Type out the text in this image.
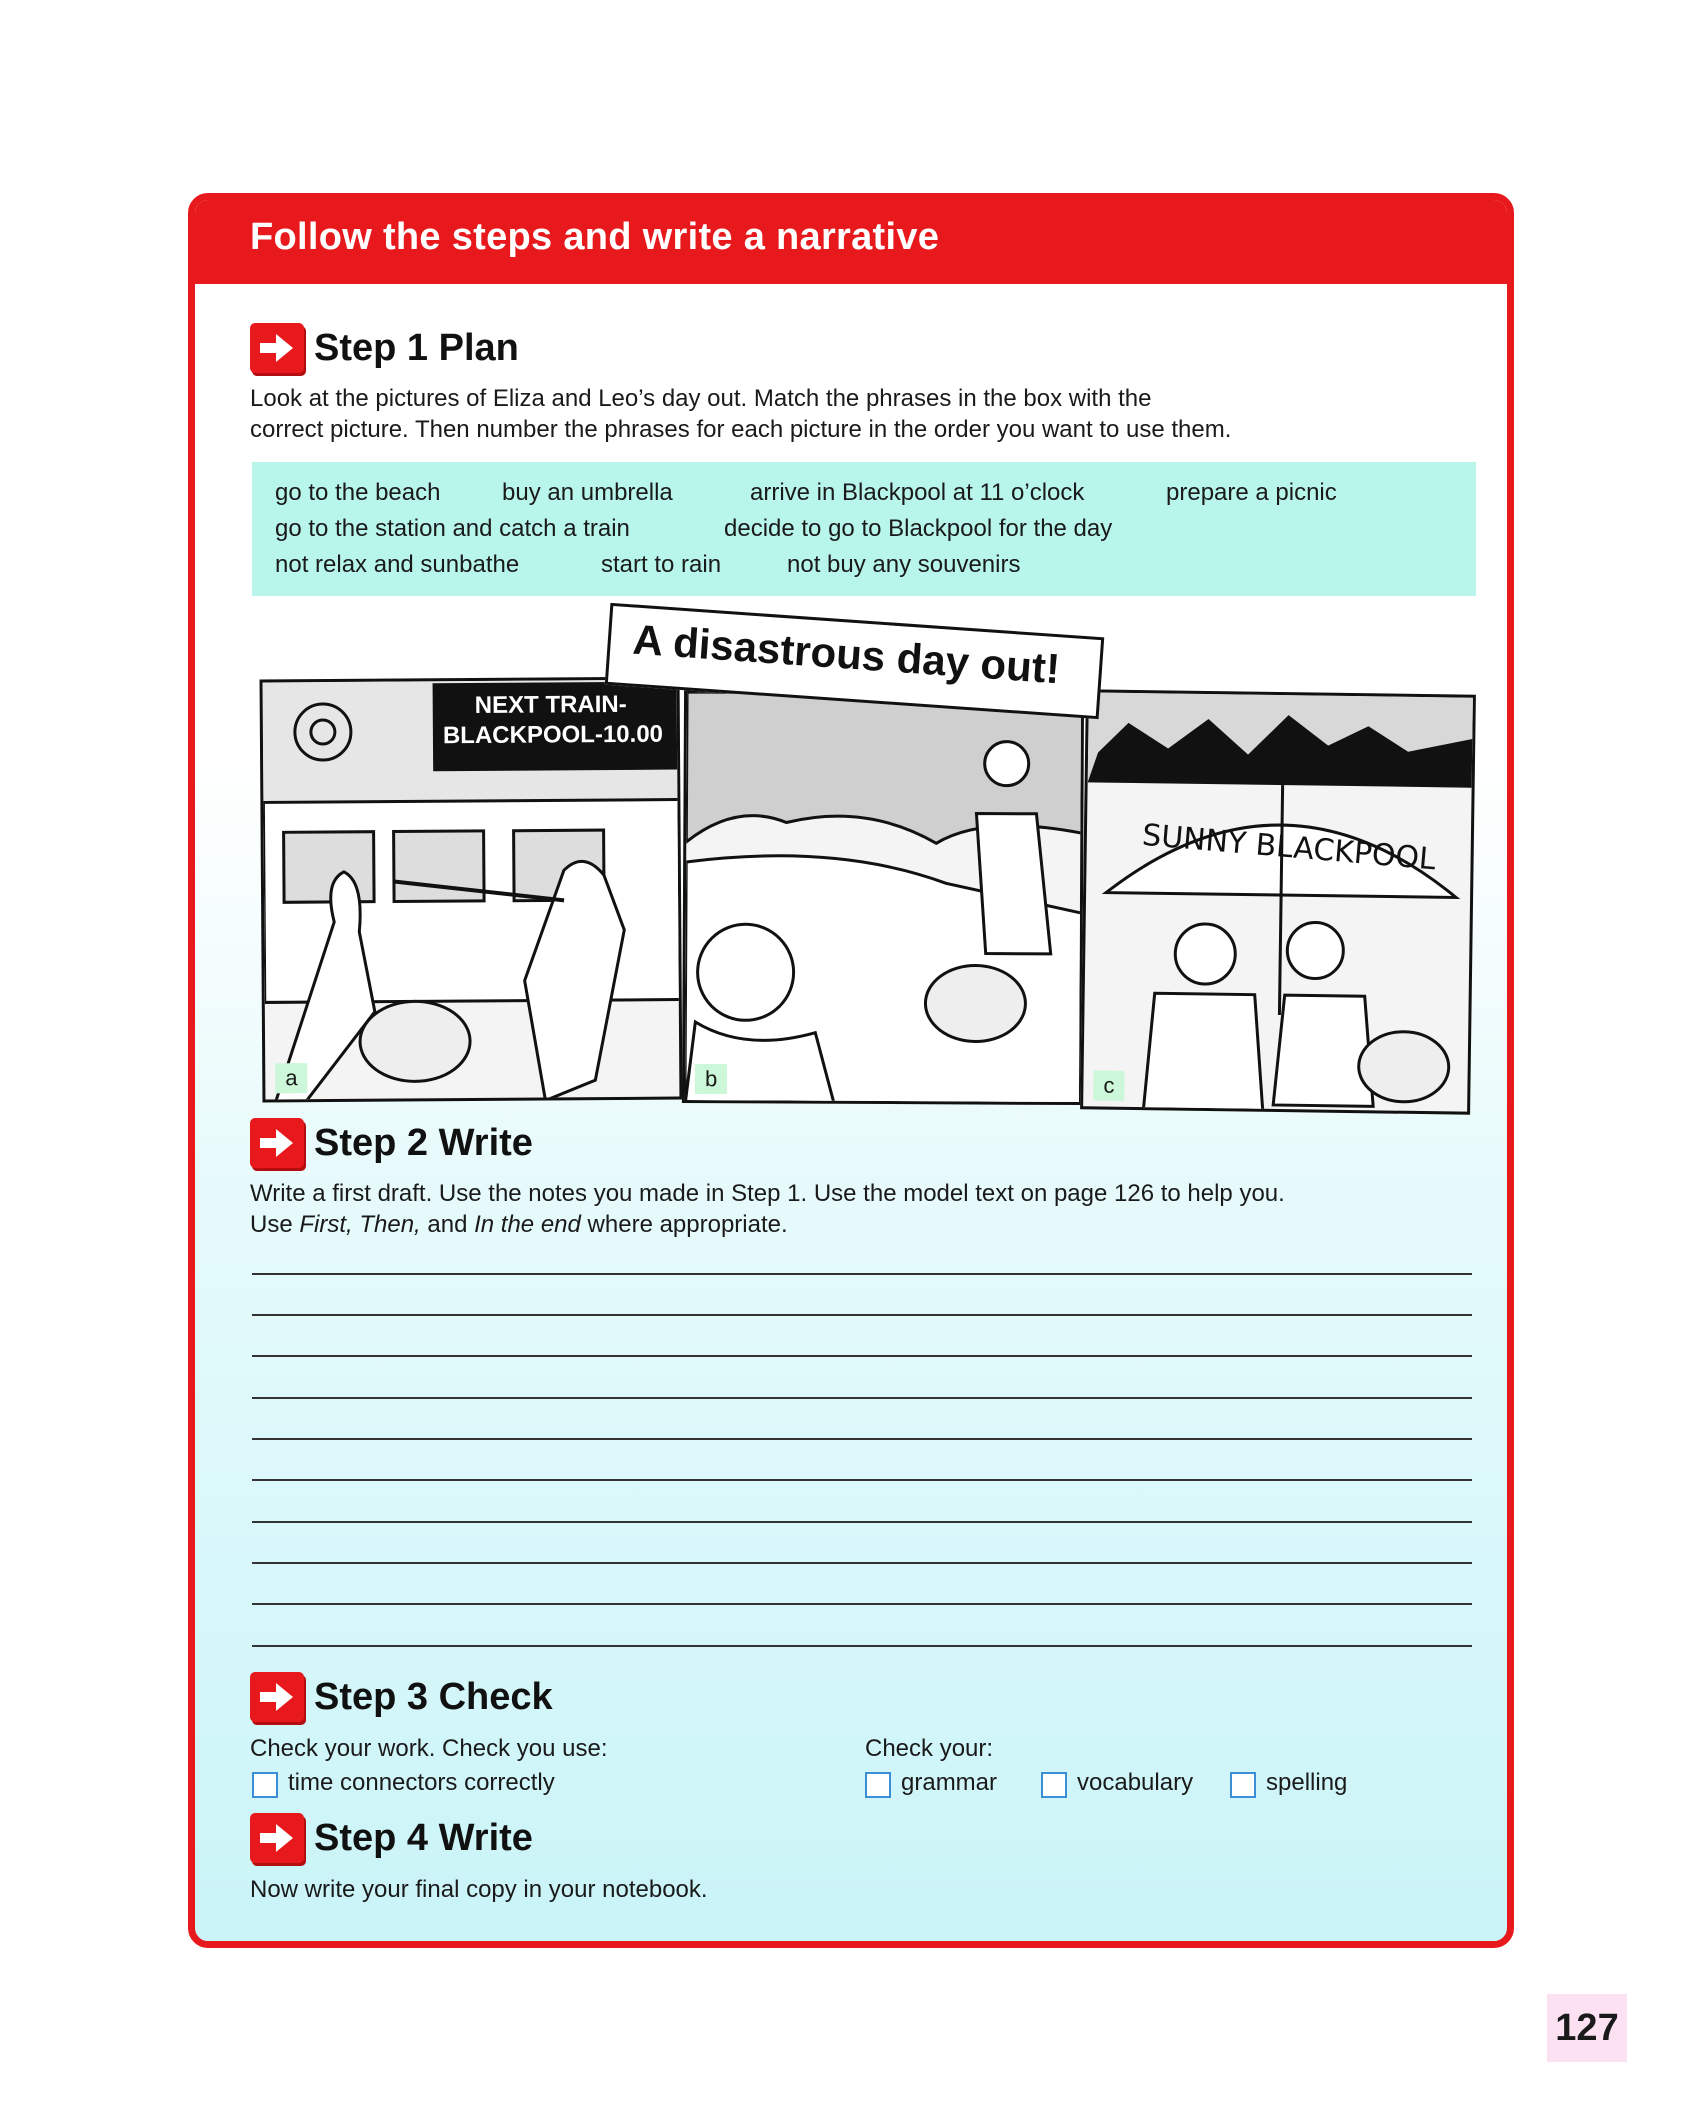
Follow the steps and write a narrative
Step 1 Plan
Look at the pictures of Eliza and Leo’s day out. Match the phrases in the box with the
correct picture. Then number the phrases for each picture in the order you want to use them.
go to the beach	buy an umbrella	arrive in Blackpool at 11 o’clock	prepare a picnic
go to the station and catch a train	decide to go to Blackpool for the day
not relax and sunbathe	start to rain	not buy any souvenirs
NEXT TRAIN-
BLACKPOOL-10.00
a	b
SUNNY BLACKPOOL
c
A disastrous day out!
Step 2 Write
Write a first draft. Use the notes you made in Step 1. Use the model text on page 126 to help you.
Use First, Then, and In the end where appropriate.
Step 3 Check
Check your work. Check you use:
time connectors correctly
Check your:
grammar	vocabulary	spelling
Step 4 Write
Now write your final copy in your notebook.
127
